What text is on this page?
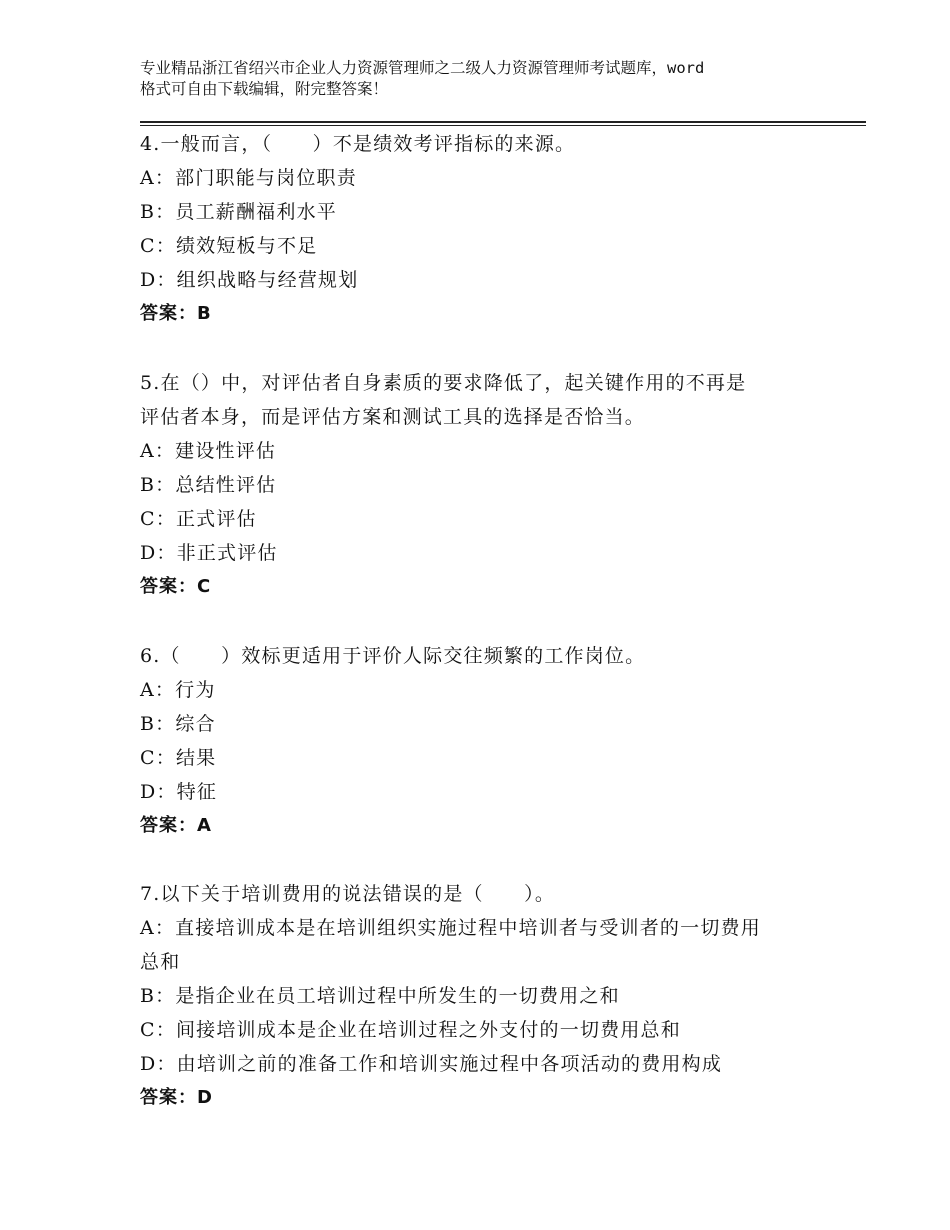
专业精品浙江省绍兴市企业人力资源管理师之二级人力资源管理师考试题库，word
格式可自由下载编辑，附完整答案！
4.一般而言，（　　）不是绩效考评指标的来源。
A：部门职能与岗位职责
B：员工薪酬福利水平
C：绩效短板与不足
D：组织战略与经营规划
答案：B
5.在（）中，对评估者自身素质的要求降低了，起关键作用的不再是
评估者本身，而是评估方案和测试工具的选择是否恰当。
A：建设性评估
B：总结性评估
C：正式评估
D：非正式评估
答案：C
6.（　　）效标更适用于评价人际交往频繁的工作岗位。
A：行为
B：综合
C：结果
D：特征
答案：A
7.以下关于培训费用的说法错误的是（　　）。
A：直接培训成本是在培训组织实施过程中培训者与受训者的一切费用
总和
B：是指企业在员工培训过程中所发生的一切费用之和
C：间接培训成本是企业在培训过程之外支付的一切费用总和
D：由培训之前的准备工作和培训实施过程中各项活动的费用构成
答案：D
